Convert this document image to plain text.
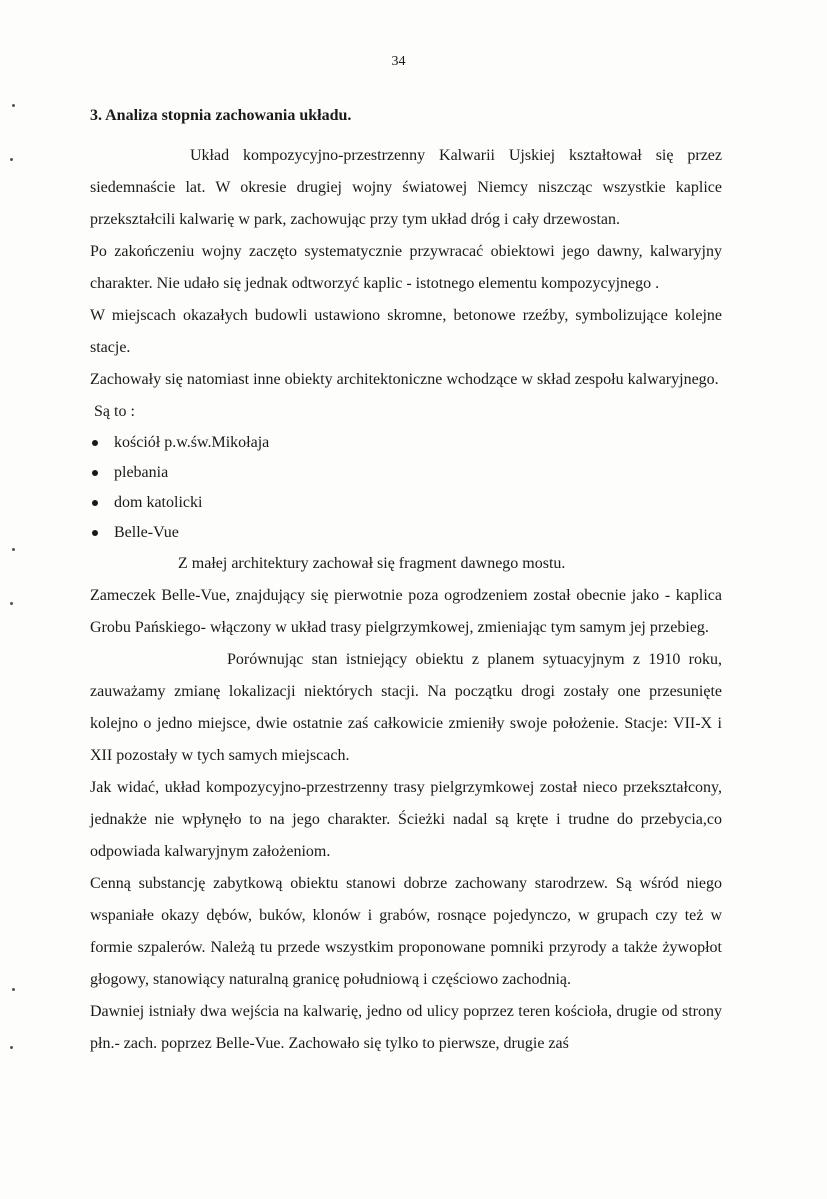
34
3. Analiza stopnia zachowania układu.

Układ kompozycyjno-przestrzenny Kalwarii Ujskiej kształtował się przez siedemnaście lat. W okresie drugiej wojny światowej Niemcy niszcząc wszystkie kaplice przekształcili kalwarię w park, zachowując przy tym układ dróg i cały drzewostan.

Po zakończeniu wojny zaczęto systematycznie przywracać obiektowi jego dawny, kalwaryjny charakter. Nie udało się jednak odtworzyć kaplic - istotnego elementu kompozycyjnego .

W miejscach okazałych budowli ustawiono skromne, betonowe rzeźby, symbolizujące kolejne stacje.

Zachowały się natomiast inne obiekty architektoniczne wchodzące w skład zespołu kalwaryjnego.

Są to :

kościół p.w.św.Mikołaja
plebania
dom katolicki
Belle-Vue

Z małej architektury zachował się fragment dawnego mostu.

Zameczek Belle-Vue, znajdujący się pierwotnie poza ogrodzeniem został obecnie jako - kaplica Grobu Pańskiego- włączony w układ trasy pielgrzymkowej, zmieniając tym samym jej przebieg.

Porównując stan istniejący obiektu z planem sytuacyjnym z 1910 roku, zauważamy zmianę lokalizacji niektórych stacji. Na początku drogi zostały one przesunięte kolejno o jedno miejsce, dwie ostatnie zaś całkowicie zmieniły swoje położenie. Stacje: VII-X i XII pozostały w tych samych miejscach.

Jak widać, układ kompozycyjno-przestrzenny trasy pielgrzymkowej został nieco przekształcony, jednakże nie wpłynęło to na jego charakter. Ścieżki nadal są kręte i trudne do przebycia,co odpowiada kalwaryjnym założeniom.

Cenną substancję zabytkową obiektu stanowi dobrze zachowany starodrzew. Są wśród niego wspaniałe okazy dębów, buków, klonów i grabów, rosnące pojedynczo, w grupach czy też w formie szpalerów. Należą tu przede wszystkim proponowane pomniki przyrody a także żywopłot głogowy, stanowiący naturalną granicę południową i częściowo zachodnią.

Dawniej istniały dwa wejścia na kalwarię, jedno od ulicy poprzez teren kościoła, drugie od strony płn.- zach. poprzez Belle-Vue. Zachowało się tylko to pierwsze, drugie zaś
